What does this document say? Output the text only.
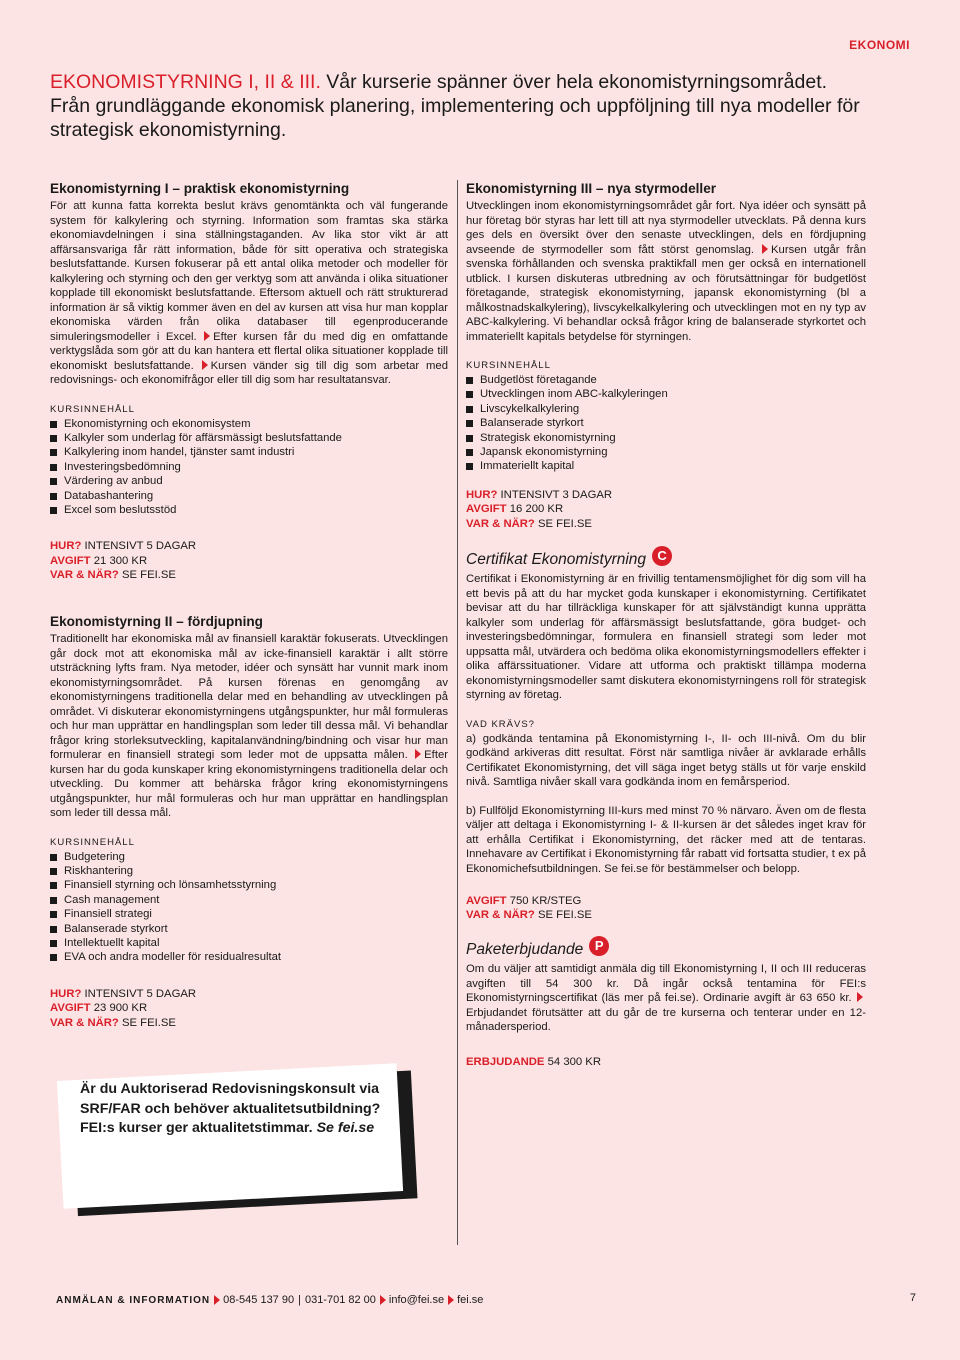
EKONOMI
EKONOMISTYRNING I, II & III. Vår kurserie spänner över hela ekonomistyrningsområdet. Från grundläggande ekonomisk planering, implementering och uppföljning till nya modeller för strategisk ekonomistyrning.
Ekonomistyrning I – praktisk ekonomistyrning

För att kunna fatta korrekta beslut krävs genomtänkta och väl fungerande system för kalkylering och styrning. Information som framtas ska stärka ekonomiavdelningen i sina ställningstaganden. Av lika stor vikt är att affärsansvariga får rätt information, både för sitt operativa och strategiska beslutsfattande. Kursen fokuserar på ett antal olika metoder och modeller för kalkylering och styrning och den ger verktyg som att använda i olika situationer kopplade till ekonomiskt beslutsfattande. Eftersom aktuell och rätt strukturerad information är så viktig kommer även en del av kursen att visa hur man kopplar ekonomiska värden från olika databaser till egenproducerande simuleringsmodeller i Excel. Efter kursen får du med dig en omfattande verktygslåda som gör att du kan hantera ett flertal olika situationer kopplade till ekonomiskt beslutsfattande. Kursen vänder sig till dig som arbetar med redovisnings- och ekonomifrågor eller till dig som har resultatansvar.

KURSINNEHÅLL
Ekonomistyrning och ekonomisystem
Kalkyler som underlag för affärsmässigt beslutsfattande
Kalkylering inom handel, tjänster samt industri
Investeringsbedömning
Värdering av anbud
Databashantering
Excel som beslutsstöd
HUR? INTENSIVT 5 DAGAR
AVGIFT 21 300 KR
VAR & NÄR? SE FEI.SE
Ekonomistyrning II – fördjupning

Traditionellt har ekonomiska mål av finansiell karaktär fokuserats. Utvecklingen går dock mot att ekonomiska mål av icke-finansiell karaktär i allt större utsträckning lyfts fram. Nya metoder, idéer och synsätt har vunnit mark inom ekonomistyrningsområdet. På kursen förenas en genomgång av ekonomistyrningens traditionella delar med en behandling av utvecklingen på området. Vi diskuterar ekonomistyrningens utgångspunkter, hur mål formuleras och hur man upprättar en handlingsplan som leder till dessa mål. Vi behandlar frågor kring storleksutveckling, kapitalanvändning/bindning och visar hur man formulerar en finansiell strategi som leder mot de uppsatta målen. Efter kursen har du goda kunskaper kring ekonomistyrningens traditionella delar och utveckling. Du kommer att behärska frågor kring ekonomistyrningens utgångspunkter, hur mål formuleras och hur man upprättar en handlingsplan som leder till dessa mål.

KURSINNEHÅLL
Budgetering
Riskhantering
Finansiell styrning och lönsamhetsstyrning
Cash management
Finansiell strategi
Balanserade styrkort
Intellektuellt kapital
EVA och andra modeller för residualresultat
HUR? INTENSIVT 5 DAGAR
AVGIFT 23 900 KR
VAR & NÄR? SE FEI.SE
Är du Auktoriserad Redovisningskonsult via SRF/FAR och behöver aktualitetsutbildning? FEI:s kurser ger aktualitetstimmar. Se fei.se
Ekonomistyrning III – nya styrmodeller

Utvecklingen inom ekonomistyrningsområdet går fort. Nya idéer och synsätt på hur företag bör styras har lett till att nya styrmodeller utvecklats. På denna kurs ges dels en översikt över den senaste utvecklingen, dels en fördjupning avseende de styrmodeller som fått störst genomslag. Kursen utgår från svenska förhållanden och svenska praktikfall men ger också en internationell utblick. I kursen diskuteras utbredning av och förutsättningar för budgetlöst företagande, strategisk ekonomistyrning, japansk ekonomistyrning (bl a målkostnadskalkylering), livscykelkalkylering och utvecklingen mot en ny typ av ABC-kalkylering. Vi behandlar också frågor kring de balanserade styrkortet och immateriellt kapitals betydelse för styrningen.

KURSINNEHÅLL
Budgetlöst företagande
Utvecklingen inom ABC-kalkyleringen
Livscykelkalkylering
Balanserade styrkort
Strategisk ekonomistyrning
Japansk ekonomistyrning
Immateriellt kapital
HUR? INTENSIVT 3 DAGAR
AVGIFT 16 200 KR
VAR & NÄR? SE FEI.SE
Certifikat Ekonomistyrning C

Certifikat i Ekonomistyrning är en frivillig tentamensmöjlighet för dig som vill ha ett bevis på att du har mycket goda kunskaper i ekonomistyrning. Certifikatet bevisar att du har tillräckliga kunskaper för att självständigt kunna upprätta kalkyler som underlag för affärsmässigt beslutsfattande, göra budget- och investeringsbedömningar, formulera en finansiell strategi som leder mot uppsatta mål, utvärdera och bedöma olika ekonomistyrningsmodellers effekter i olika affärssituationer. Vidare att utforma och praktiskt tillämpa moderna ekonomistyrningsmodeller samt diskutera ekonomistyrningens roll för strategisk styrning av företag.

VAD KRÄVS?

a) godkända tentamina på Ekonomistyrning I-, II- och III-nivå. Om du blir godkänd arkiveras ditt resultat. Först när samtliga nivåer är avklarade erhålls Certifikatet Ekonomistyrning, det vill säga inget betyg ställs ut för varje enskild nivå. Samtliga nivåer skall vara godkända inom en femårsperiod.

b) Fullföljd Ekonomistyrning III-kurs med minst 70 % närvaro. Även om de flesta väljer att deltaga i Ekonomistyrning I- & II-kursen är det således inget krav för att erhålla Certifikat i Ekonomistyrning, det räcker med att de tentaras. Innehavare av Certifikat i Ekonomistyrning får rabatt vid fortsatta studier, t ex på Ekonomichefsutbildningen. Se fei.se för bestämmelser och belopp.

AVGIFT 750 KR/STEG
VAR & NÄR? SE FEI.SE
Paketerbjudande P

Om du väljer att samtidigt anmäla dig till Ekonomistyrning I, II och III reduceras avgiften till 54 300 kr. Då ingår också tentamina för FEI:s Ekonomistyrningscertifikat (läs mer på fei.se). Ordinarie avgift är 63 650 kr. Erbjudandet förutsätter att du går de tre kurserna och tenterar under en 12-månadersperiod.

ERBJUDANDE 54 300 KR
ANMÄLAN & INFORMATION 08-545 137 90 | 031-701 82 00 info@fei.se fei.se	7
